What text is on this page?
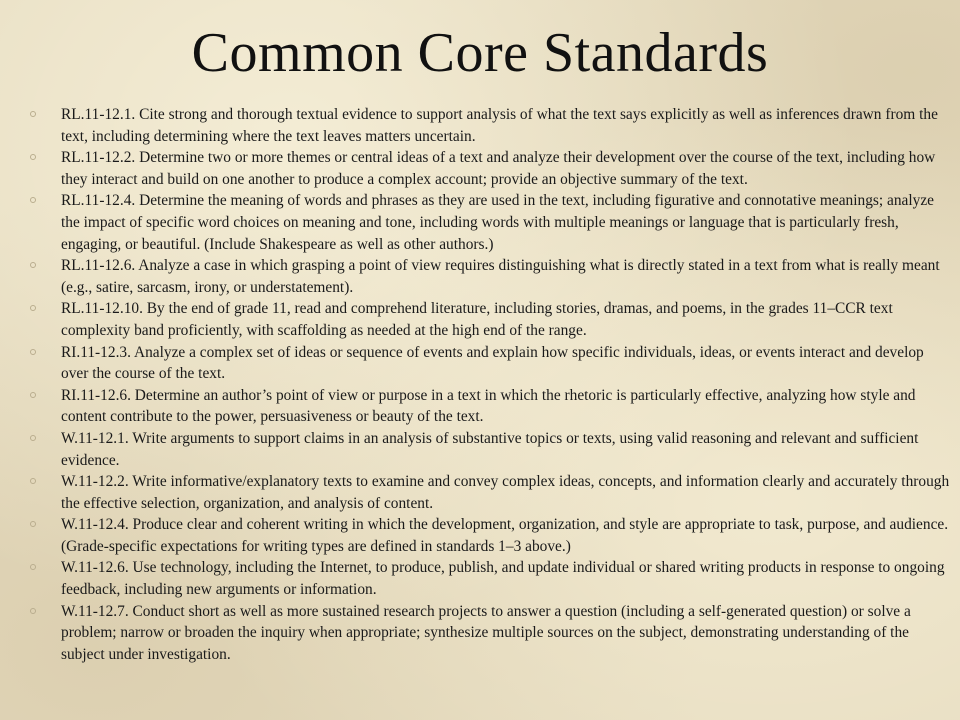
Common Core Standards
RL.11-12.1. Cite strong and thorough textual evidence to support analysis of what the text says explicitly as well as inferences drawn from the text, including determining where the text leaves matters uncertain.
RL.11-12.2. Determine two or more themes or central ideas of a text and analyze their development over the course of the text, including how they interact and build on one another to produce a complex account; provide an objective summary of the text.
RL.11-12.4. Determine the meaning of words and phrases as they are used in the text, including figurative and connotative meanings; analyze the impact of specific word choices on meaning and tone, including words with multiple meanings or language that is particularly fresh, engaging, or beautiful. (Include Shakespeare as well as other authors.)
RL.11-12.6. Analyze a case in which grasping a point of view requires distinguishing what is directly stated in a text from what is really meant (e.g., satire, sarcasm, irony, or understatement).
RL.11-12.10. By the end of grade 11, read and comprehend literature, including stories, dramas, and poems, in the grades 11–CCR text complexity band proficiently, with scaffolding as needed at the high end of the range.
RI.11-12.3. Analyze a complex set of ideas or sequence of events and explain how specific individuals, ideas, or events interact and develop over the course of the text.
RI.11-12.6. Determine an author’s point of view or purpose in a text in which the rhetoric is particularly effective, analyzing how style and content contribute to the power, persuasiveness or beauty of the text.
W.11-12.1. Write arguments to support claims in an analysis of substantive topics or texts, using valid reasoning and relevant and sufficient evidence.
W.11-12.2. Write informative/explanatory texts to examine and convey complex ideas, concepts, and information clearly and accurately through the effective selection, organization, and analysis of content.
W.11-12.4. Produce clear and coherent writing in which the development, organization, and style are appropriate to task, purpose, and audience. (Grade-specific expectations for writing types are defined in standards 1–3 above.)
W.11-12.6. Use technology, including the Internet, to produce, publish, and update individual or shared writing products in response to ongoing feedback, including new arguments or information.
W.11-12.7. Conduct short as well as more sustained research projects to answer a question (including a self-generated question) or solve a problem; narrow or broaden the inquiry when appropriate; synthesize multiple sources on the subject, demonstrating understanding of the subject under investigation.
